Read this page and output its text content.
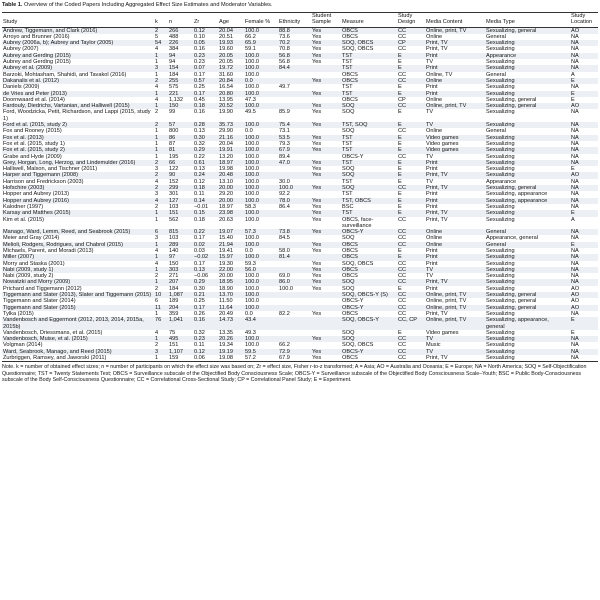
Table 1. Overview of the Coded Papers Including Aggregated Effect Size Estimates and Moderator Variables.
Study	k	n	Zr	Age	Female %	Ethnicity	Student Sample	Measure	Study Design	Media Content	Media Type	Study Location
Andrew, Tiggemann, and Clark (2016)	2	266	0.12	20.04	100.0	88.8	Yes	OBCS	CC	Online, print, TV	Sexualizing, general	AO
Arroyo and Brunner (2016)	5	488	0.10	20.51	66.2	73.6	Yes	OBCS	CC	Online	General	NA
Aubrey (2006a, b); Aubrey and Taylor (2005)	54	226	0.05	19.93	65.9	70.2	Yes	SOQ, OBCS	CP	Print, TV	Sexualizing	NA
Aubrey (2007)	4	384	0.16	19.60	59.1	70.8	Yes	SOQ, OBCS	CC	Print, TV	Sexualizing	NA
Aubrey and Gerding (2015)	1	94	0.23	20.05	100.0	56.8	Yes	TST	E	Print	Appearance	NA
Aubrey and Gerding (2015)	1	94	0.23	20.05	100.0	56.8	Yes	TST	E	TV	Sexualizing	NA
Aubrey et al. (2009)	3	154	0.07	19.72	100.0	84.4		TST	E	Print	Sexualizing	NA
Barzoki, Mohtasham, Shahidi, and Tavakol (2016)	1	184	0.17	31.60	100.0			OBCS	CC	Online, TV	General	A
Dakanalis et al. (2012)	2	255	0.57	20.84	0.0		Yes	OBCS	CC	Online	Sexualizing	E
Daniels (2009)	4	575	0.25	16.54	100.0	49.7		TST	E	Print	Sexualizing	NA
de Vries and Peter (2013)	1	221	0.17	20.80	100.0		Yes	TST	E	Print	Sexualizing	E
Doornwaard et al. (2014)	4	1,132	0.45	13.95	47.3			OBCS	CP	Online	Sexualizing, general	E
Fardouly, Diedrichs, Vartanian, and Halliwell (2015)	1	150	0.18	20.52	100.0		Yes	SOQ	CC	Online, print, TV	Sexualizing, general	AO
Ford, Woodzicka, Petit, Richardson, and Lappi (2015, study 1)	2	99	0.16	19.90	49.5	85.9	Yes	SOQ	E	TV	Sexualizing	NA
Ford et al. (2015, study 2)	2	57	0.28	35.73	100.0	75.4	Yes	TST, SOQ	E	TV	Sexualizing	NA
Fox and Rooney (2015)	1	800	0.13	29.90	0.0	73.1		SOQ	CC	Online	General	NA
Fox et al. (2013)	1	86	0.30	21.16	100.0	53.5	Yes	TST	E	Video games	Sexualizing	NA
Fox et al. (2015, study 1)	1	87	0.32	20.04	100.0	79.3	Yes	TST	E	Video games	Sexualizing	NA
Fox et al. (2015, study 2)	1	81	0.29	19.91	100.0	67.9	Yes	TST	E	Video games	Sexualizing	NA
Grabe and Hyde (2009)	1	195	0.22	13.20	100.0	89.4		OBCS-Y	CC	TV	Sexualizing	NA
Grey, Horgan, Long, Herzog, and Lindemulder (2016)	2	66	0.61	18.97	100.0	47.0	Yes	TST	E	Print	Sexualizing	NA
Halliwell, Malson, and Tischner (2011)	3	122	0.13	19.98	100.0		Yes	SOQ	E	Print	Sexualizing	E
Harper and Tiggemann (2008)	2	90	0.24	20.48	100.0		Yes	SOQ	E	Print, TV	Sexualizing	AO
Harrison and Fredrickson (2003)	4	152	0.12	13.10	100.0	30.0		TST	E	TV	Appearance	NA
Hofschire (2003)	2	299	0.18	20.00	100.0	100.0	Yes	SOQ	CC	Print, TV	Sexualizing, general	NA
Hopper and Aubrey (2013)	3	301	0.11	29.20	100.0	92.2		TST	E	Print	Sexualizing, appearance	NA
Hopper and Aubrey (2016)	4	127	0.14	20.00	100.0	78.0	Yes	TST, OBCS	E	Print	Sexualizing, appearance	NA
Kalodner (1997)	2	103	−0.01	18.97	58.3	86.4	Yes	BSC	E	Print	Sexualizing	NA
Karsay and Matthes (2015)	1	151	0.15	23.98	100.0		Yes	TST	E	Print, TV	Sexualizing	E
Kim et al. (2015)	1	562	0.18	20.63	100.0		Yes	OBCS, face-surveillance	CC	Print, TV	Sexualizing	A
Manago, Ward, Lemm, Reed, and Seabrook (2015)	6	815	0.22	19.07	57.3	73.8	Yes	OBCS-Y	CC	Online	General	NA
Meier and Gray (2014)	3	103	0.17	15.40	100.0	84.5		SOQ	CC	Online	Appearance, general	NA
Melioli, Rodgers, Rodrigues, and Chabrol (2015)	1	289	0.02	21.94	100.0		Yes	OBCS	CC	Online	General	E
Michaels, Parent, and Moradi (2013)	4	140	0.03	19.41	0.0	58.0	Yes	OBCS	E	Print	Sexualizing	NA
Miller (2007)	1	97	−0.02	15.97	100.0	81.4		OBCS	E	Print	Sexualizing	NA
Morry and Staska (2001)	4	150	0.17	19.30	59.3		Yes	SOQ, OBCS	CC	Print	Sexualizing	NA
Nabi (2009, study 1)	1	303	0.13	22.00	56.0		Yes	OBCS	CC	TV	Sexualizing	NA
Nabi (2009, study 2)	2	271	−0.06	20.00	100.0	69.0	Yes	OBCS	CC	TV	Sexualizing	NA
Nowatzki and Morry (2009)	1	207	0.29	18.95	100.0	86.0	Yes	SOQ	CC	Print, TV	Sexualizing	NA
Prichard and Tiggemann (2012)	2	184	0.30	18.90	100.0	100.0	Yes	SOQ	E	Print	Sexualizing	AO
Tiggemann and Slater (2013), Slater and Tiggemann (2015)	10	1,087	0.21	13.70	100.0			SOQ, OBCS-Y (S)	CC	Online, print, TV	Sexualizing, general	AO
Tiggemann and Slater (2014)	6	189	0.25	11.50	100.0			OBCS-Y	CC	Online, print, TV	Sexualizing, general	AO
Tiggemann and Slater (2015)	11	204	0.17	11.64	100.0			OBCS-Y	CC	Online, print, TV	Sexualizing, general	AO
Tylka (2015)	1	359	0.26	20.49	0.0	82.2	Yes	OBCS	CC	Print, TV	Sexualizing	NA
Vandenbosch and Eggermont (2012, 2013, 2014, 2015a, 2015b)	76	1,041	0.16	14.73	43.4			SOQ, OBCS-Y	CC, CP	Online, print, TV	Sexualizing, appearance, general	E
Vandenbosch, Driessmans, et al. (2015)	4	75	0.32	13.35	49.3			SOQ	E	Video games	Sexualizing	E
Vandenbosch, Muise, et al. (2015)	1	495	0.23	20.26	100.0		Yes	SOQ	CC	TV	Sexualizing	NA
Volgman (2014)	2	151	0.11	19.34	100.0	66.2		SOQ, OBCS	CC	Music	Sexualizing	NA
Ward, Seabrook, Manago, and Reed (2015)	3	1,107	0.12	19.19	59.5	72.9	Yes	OBCS-Y	CC	TV	Sexualizing	NA
Zurbriggen, Ramsey, and Jaworski (2011)	1	159	0.06	19.08	57.2	67.9	Yes	OBCS	CC	Print, TV	Sexualizing	NA
Note. k = number of obtained effect sizes; n = number of participants on which the effect size was based on; Zr = effect size, Fisher r-to-z transformed; A = Asia; AO = Australia and Oceania; E = Europe; NA = North America; SOQ = Self-Objectification Questionnaire; TST = Twenty Statements Test; OBCS = Surveillance subscale of the Objectified Body Consciousness Scale; OBCS-Y = Surveillance subscale of the Objectified Body Consciousness Scale–Youth; BSC = Public Body-Consciousness subscale of the Body Self-Consciousness Questionnaire; CC = Correlational Cross-Sectional Study; CP = Correlational Panel Study; E = Experiment.
